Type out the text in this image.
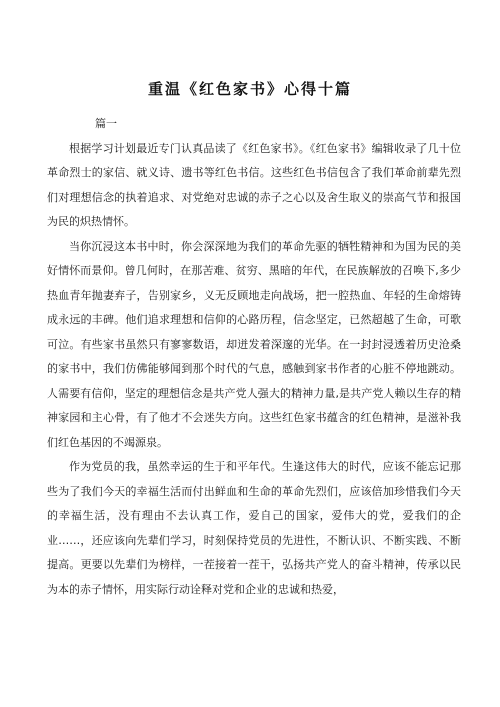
重温《红色家书》心得十篇

篇一

根据学习计划最近专门认真品读了《红色家书》。《红色家书》编辑收录了几十位革命烈士的家信、就义诗、遗书等红色书信。这些红色书信包含了我们革命前辈先烈们对理想信念的执着追求、对党绝对忠诚的赤子之心以及舍生取义的崇高气节和报国为民的炽热情怀。

当你沉浸这本书中时，你会深深地为我们的革命先驱的牺牲精神和为国为民的美好情怀而景仰。曾几何时，在那苦难、贫穷、黑暗的年代，在民族解放的召唤下,多少热血青年抛妻弃子，告别家乡，义无反顾地走向战场，把一腔热血、年轻的生命熔铸成永远的丰碑。他们追求理想和信仰的心路历程，信念坚定，已然超越了生命，可歌可泣。有些家书虽然只有寥寥数语，却迸发着深邃的光华。在一封封浸透着历史沧桑的家书中，我们仿佛能够闻到那个时代的气息，感触到家书作者的心脏不停地跳动。人需要有信仰，坚定的理想信念是共产党人强大的精神力量,是共产党人赖以生存的精神家园和主心骨，有了他才不会迷失方向。这些红色家书蕴含的红色精神，是滋补我们红色基因的不竭源泉。

作为党员的我，虽然幸运的生于和平年代。生逢这伟大的时代，应该不能忘记那些为了我们今天的幸福生活而付出鲜血和生命的革命先烈们，应该倍加珍惜我们今天的幸福生活，没有理由不去认真工作，爱自己的国家，爱伟大的党，爱我们的企业……，还应该向先辈们学习，时刻保持党员的先进性，不断认识、不断实践、不断提高。更要以先辈们为榜样，一茬接着一茬干，弘扬共产党人的奋斗精神，传承以民为本的赤子情怀，用实际行动诠释对党和企业的忠诚和热爱，
